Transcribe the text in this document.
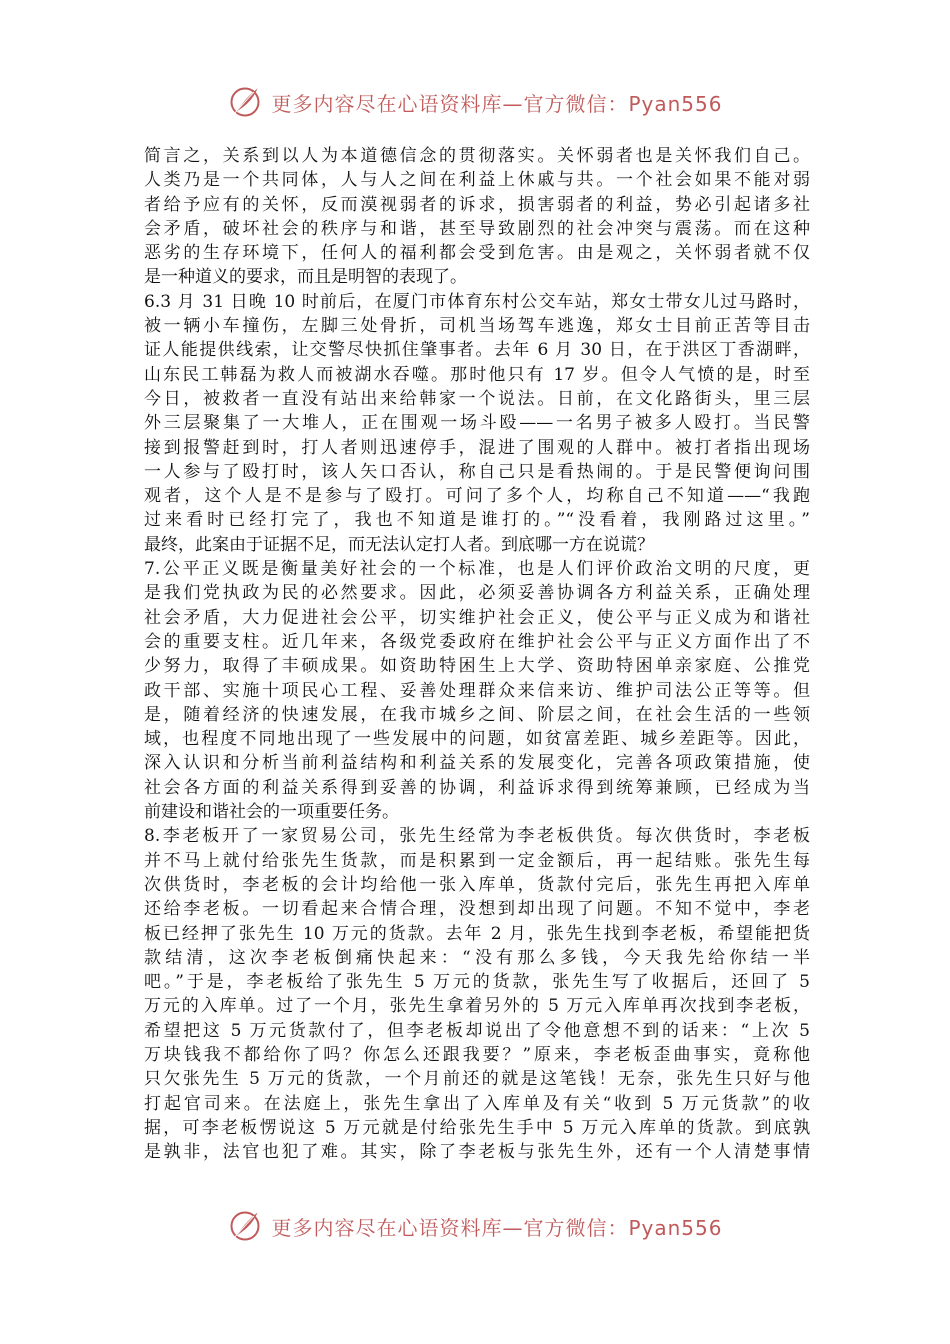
更多内容尽在心语资料库—官方微信：Pyan556
简言之，关系到以人为本道德信念的贯彻落实。关怀弱者也是关怀我们自己。
人类乃是一个共同体，人与人之间在利益上休戚与共。一个社会如果不能对弱
者给予应有的关怀，反而漠视弱者的诉求，损害弱者的利益，势必引起诸多社
会矛盾，破坏社会的秩序与和谐，甚至导致剧烈的社会冲突与震荡。而在这种
恶劣的生存环境下，任何人的福利都会受到危害。由是观之，关怀弱者就不仅
是一种道义的要求，而且是明智的表现了。
6.3 月 31 日晚 10 时前后，在厦门市体育东村公交车站，郑女士带女儿过马路时，
被一辆小车撞伤，左脚三处骨折，司机当场驾车逃逸，郑女士目前正苦等目击
证人能提供线索，让交警尽快抓住肇事者。去年 6 月 30 日，在于洪区丁香湖畔，
山东民工韩磊为救人而被湖水吞噬。那时他只有 17 岁。但令人气愤的是，时至
今日，被救者一直没有站出来给韩家一个说法。日前，在文化路街头，里三层
外三层聚集了一大堆人，正在围观一场斗殴——一名男子被多人殴打。当民警
接到报警赶到时，打人者则迅速停手，混进了围观的人群中。被打者指出现场
一人参与了殴打时，该人矢口否认，称自己只是看热闹的。于是民警便询问围
观者，这个人是不是参与了殴打。可问了多个人，均称自己不知道——“我跑
过来看时已经打完了，我也不知道是谁打的。”“没看着，我刚路过这里。”
最终，此案由于证据不足，而无法认定打人者。到底哪一方在说谎？
7.公平正义既是衡量美好社会的一个标准，也是人们评价政治文明的尺度，更
是我们党执政为民的必然要求。因此，必须妥善协调各方利益关系，正确处理
社会矛盾，大力促进社会公平，切实维护社会正义，使公平与正义成为和谐社
会的重要支柱。近几年来，各级党委政府在维护社会公平与正义方面作出了不
少努力，取得了丰硕成果。如资助特困生上大学、资助特困单亲家庭、公推党
政干部、实施十项民心工程、妥善处理群众来信来访、维护司法公正等等。但
是，随着经济的快速发展，在我市城乡之间、阶层之间，在社会生活的一些领
域，也程度不同地出现了一些发展中的问题，如贫富差距、城乡差距等。因此，
深入认识和分析当前利益结构和利益关系的发展变化，完善各项政策措施，使
社会各方面的利益关系得到妥善的协调，利益诉求得到统筹兼顾，已经成为当
前建设和谐社会的一项重要任务。
8.李老板开了一家贸易公司，张先生经常为李老板供货。每次供货时，李老板
并不马上就付给张先生货款，而是积累到一定金额后，再一起结账。张先生每
次供货时，李老板的会计均给他一张入库单，货款付完后，张先生再把入库单
还给李老板。一切看起来合情合理，没想到却出现了问题。不知不觉中，李老
板已经押了张先生 10 万元的货款。去年 2 月，张先生找到李老板，希望能把货
款结清，这次李老板倒痛快起来：“没有那么多钱，今天我先给你结一半
吧。”于是，李老板给了张先生 5 万元的货款，张先生写了收据后，还回了 5
万元的入库单。过了一个月，张先生拿着另外的 5 万元入库单再次找到李老板，
希望把这 5 万元货款付了，但李老板却说出了令他意想不到的话来：“上次 5
万块钱我不都给你了吗？你怎么还跟我要？”原来，李老板歪曲事实，竟称他
只欠张先生 5 万元的货款，一个月前还的就是这笔钱！无奈，张先生只好与他
打起官司来。在法庭上，张先生拿出了入库单及有关“收到 5 万元货款”的收
据，可李老板愣说这 5 万元就是付给张先生手中 5 万元入库单的货款。到底孰
是孰非，法官也犯了难。其实，除了李老板与张先生外，还有一个人清楚事情
更多内容尽在心语资料库—官方微信：Pyan556
